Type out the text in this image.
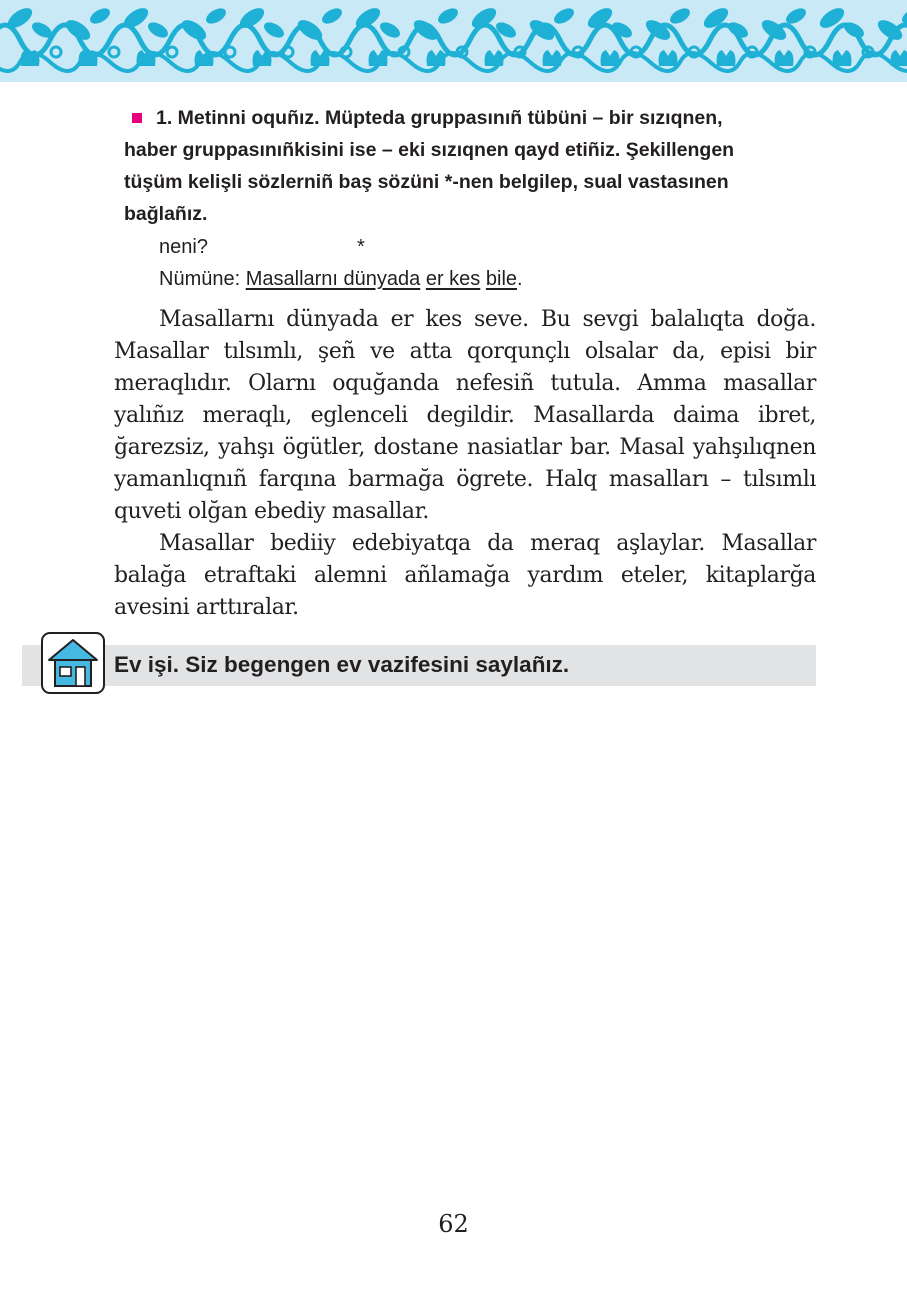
1. Metinni oquñız. Müpteda gruppasınıñ tübüni – bir sızıqnen,
haber gruppasınıñkisini ise – eki sızıqnen qayd etiñiz. Şekillengen
tüşüm kelişli sözlerniñ baş sözüni *-nen belgilep, sual vastasınen
bağlañız.
neni?	*
Nümüne: Masallarnı dünyada er kes bile.

Masallarnı dünyada er kes seve. Bu sevgi balalıqta doğa. Masallar tılsımlı, şeñ ve atta qorqunçlı olsalar da, episi bir meraqlıdır. Olarnı oquğanda nefesiñ tutula. Amma masallar yalıñız meraqlı, eglenceli degildir. Masallarda daima ibret, ğarezsiz, yahşı ögütler, dostane nasiatlar bar. Masal yahşılıqnen yamanlıqnıñ farqına barmağa ögrete. Halq masalları – tılsımlı quveti olğan ebediy masallar.

Masallar bediiy edebiyatqa da meraq aşlaylar. Masallar balağa etraftaki alemni añlamağa yardım eteler, kitaplarğa avesini arttıralar.

Ev işi. Siz begengen ev vazifesini saylañız.
62
